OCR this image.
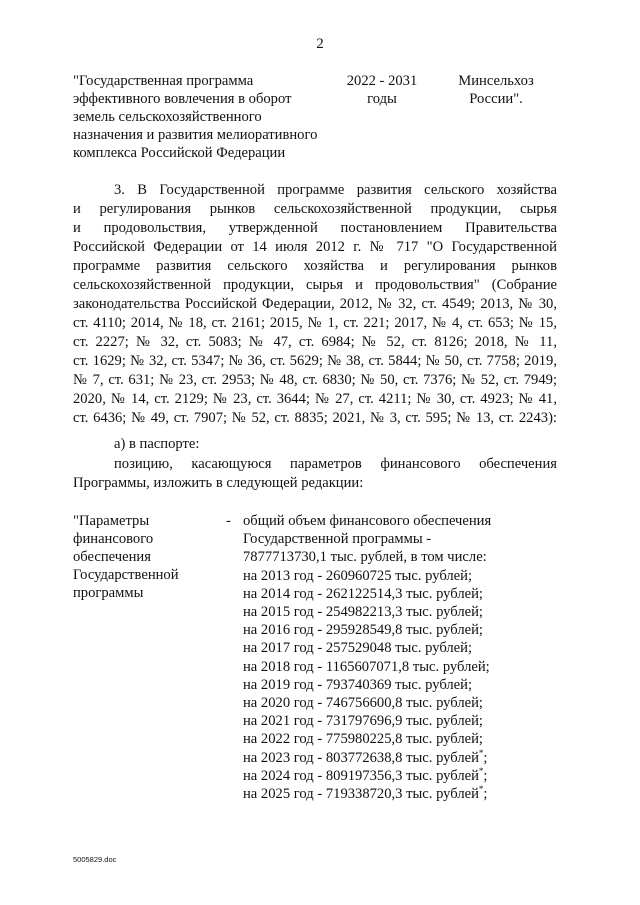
2
"Государственная программа
эффективного вовлечения в оборот
земель сельскохозяйственного
назначения и развития мелиоративного
комплекса Российской Федерации
2022 - 2031
годы
Минсельхоз
России".
3. В Государственной программе развития сельского хозяйства
и регулирования рынков сельскохозяйственной продукции, сырья
и продовольствия, утвержденной постановлением Правительства
Российской Федерации от 14 июля 2012 г. № 717 "О Государственной
программе развития сельского хозяйства и регулирования рынков
сельскохозяйственной продукции, сырья и продовольствия" (Собрание
законодательства Российской Федерации, 2012, № 32, ст. 4549; 2013, № 30,
ст. 4110; 2014, № 18, ст. 2161; 2015, № 1, ст. 221; 2017, № 4, ст. 653; № 15,
ст. 2227; № 32, ст. 5083; № 47, ст. 6984; № 52, ст. 8126; 2018, № 11,
ст. 1629; № 32, ст. 5347; № 36, ст. 5629; № 38, ст. 5844; № 50, ст. 7758; 2019,
№ 7, ст. 631; № 23, ст. 2953; № 48, ст. 6830; № 50, ст. 7376; № 52, ст. 7949;
2020, № 14, ст. 2129; № 23, ст. 3644; № 27, ст. 4211; № 30, ст. 4923; № 41,
ст. 6436; № 49, ст. 7907; № 52, ст. 8835; 2021, № 3, ст. 595; № 13, ст. 2243):
а) в паспорте:
позицию, касающуюся параметров финансового обеспечения
Программы, изложить в следующей редакции:
"Параметры
финансового
обеспечения
Государственной
программы
- общий объем финансового обеспечения
Государственной программы -
7877713730,1 тыс. рублей, в том числе:
на 2013 год - 260960725 тыс. рублей;
на 2014 год - 262122514,3 тыс. рублей;
на 2015 год - 254982213,3 тыс. рублей;
на 2016 год - 295928549,8 тыс. рублей;
на 2017 год - 257529048 тыс. рублей;
на 2018 год - 1165607071,8 тыс. рублей;
на 2019 год - 793740369 тыс. рублей;
на 2020 год - 746756600,8 тыс. рублей;
на 2021 год - 731797696,9 тыс. рублей;
на 2022 год - 775980225,8 тыс. рублей;
на 2023 год - 803772638,8 тыс. рублей*;
на 2024 год - 809197356,3 тыс. рублей*;
на 2025 год - 719338720,3 тыс. рублей*;
5005829.doc
